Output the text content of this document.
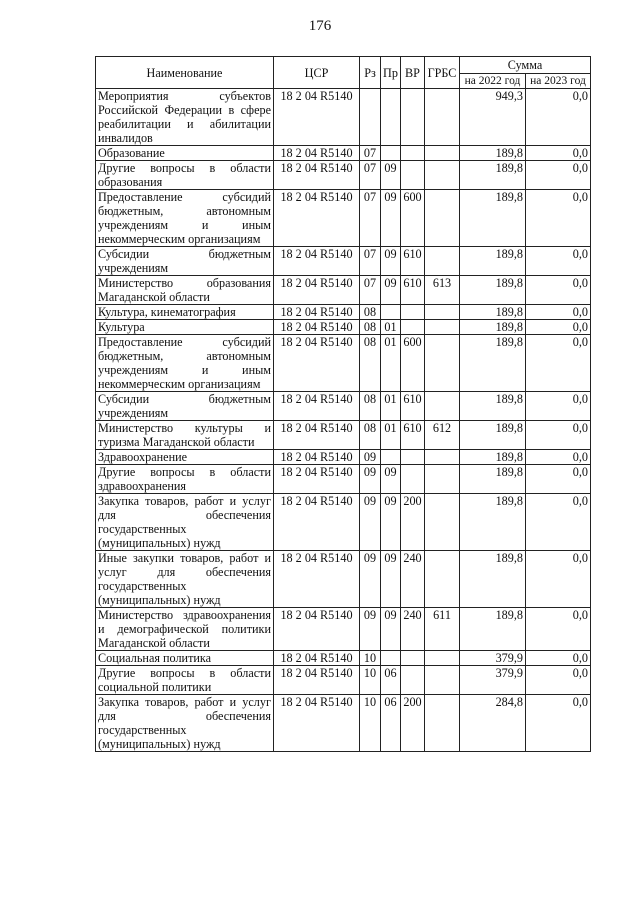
176
Наименование	ЦСР	Рз	Пр	ВР	ГРБС	Сумма	
						на 2022 год	на 2023 год
Мероприятия субъектов Российской Федерации в сфере реабилитации и абилитации инвалидов	18 2 04 R5140					949,3	0,0
Образование	18 2 04 R5140	07				189,8	0,0
Другие вопросы в области образования	18 2 04 R5140	07	09			189,8	0,0
Предоставление субсидий бюджетным, автономным учреждениям и иным некоммерческим организациям	18 2 04 R5140	07	09	600		189,8	0,0
Субсидии бюджетным учреждениям	18 2 04 R5140	07	09	610		189,8	0,0
Министерство образования Магаданской области	18 2 04 R5140	07	09	610	613	189,8	0,0
Культура, кинематография	18 2 04 R5140	08				189,8	0,0
Культура	18 2 04 R5140	08	01			189,8	0,0
Предоставление субсидий бюджетным, автономным учреждениям и иным некоммерческим организациям	18 2 04 R5140	08	01	600		189,8	0,0
Субсидии бюджетным учреждениям	18 2 04 R5140	08	01	610		189,8	0,0
Министерство культуры и туризма Магаданской области	18 2 04 R5140	08	01	610	612	189,8	0,0
Здравоохранение	18 2 04 R5140	09				189,8	0,0
Другие вопросы в области здравоохранения	18 2 04 R5140	09	09			189,8	0,0
Закупка товаров, работ и услуг для обеспечения государственных (муниципальных) нужд	18 2 04 R5140	09	09	200		189,8	0,0
Иные закупки товаров, работ и услуг для обеспечения государственных (муниципальных) нужд	18 2 04 R5140	09	09	240		189,8	0,0
Министерство здравоохранения и демографической политики Магаданской области	18 2 04 R5140	09	09	240	611	189,8	0,0
Социальная политика	18 2 04 R5140	10				379,9	0,0
Другие вопросы в области социальной политики	18 2 04 R5140	10	06			379,9	0,0
Закупка товаров, работ и услуг для обеспечения государственных (муниципальных) нужд	18 2 04 R5140	10	06	200		284,8	0,0
